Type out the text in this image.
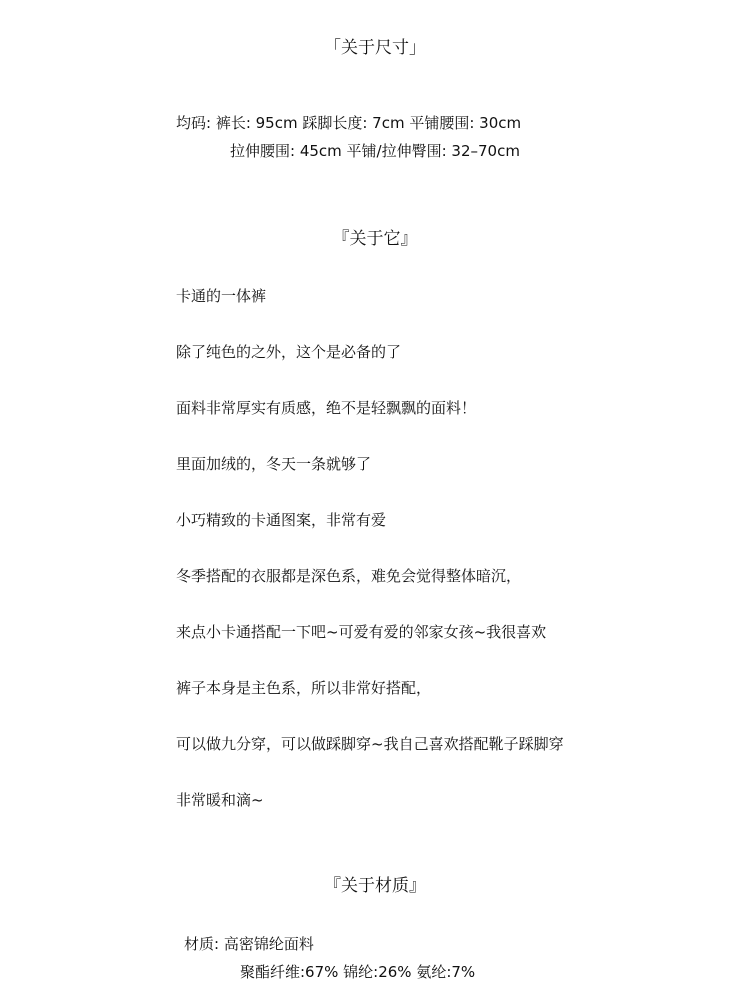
「关于尺寸」
均码: 裤长: 95cm 踩脚长度: 7cm 平铺腰围: 30cm
拉伸腰围: 45cm 平铺/拉伸臀围: 32–70cm
『关于它』
卡通的一体裤
除了纯色的之外，这个是必备的了
面料非常厚实有质感，绝不是轻飘飘的面料！
里面加绒的，冬天一条就够了
小巧精致的卡通图案，非常有爱
冬季搭配的衣服都是深色系，难免会觉得整体暗沉，
来点小卡通搭配一下吧~可爱有爱的邻家女孩~我很喜欢
裤子本身是主色系，所以非常好搭配，
可以做九分穿，可以做踩脚穿~我自己喜欢搭配靴子踩脚穿
非常暖和滴~
『关于材质』
材质: 高密锦纶面料
聚酯纤维:67% 锦纶:26% 氨纶:7%
